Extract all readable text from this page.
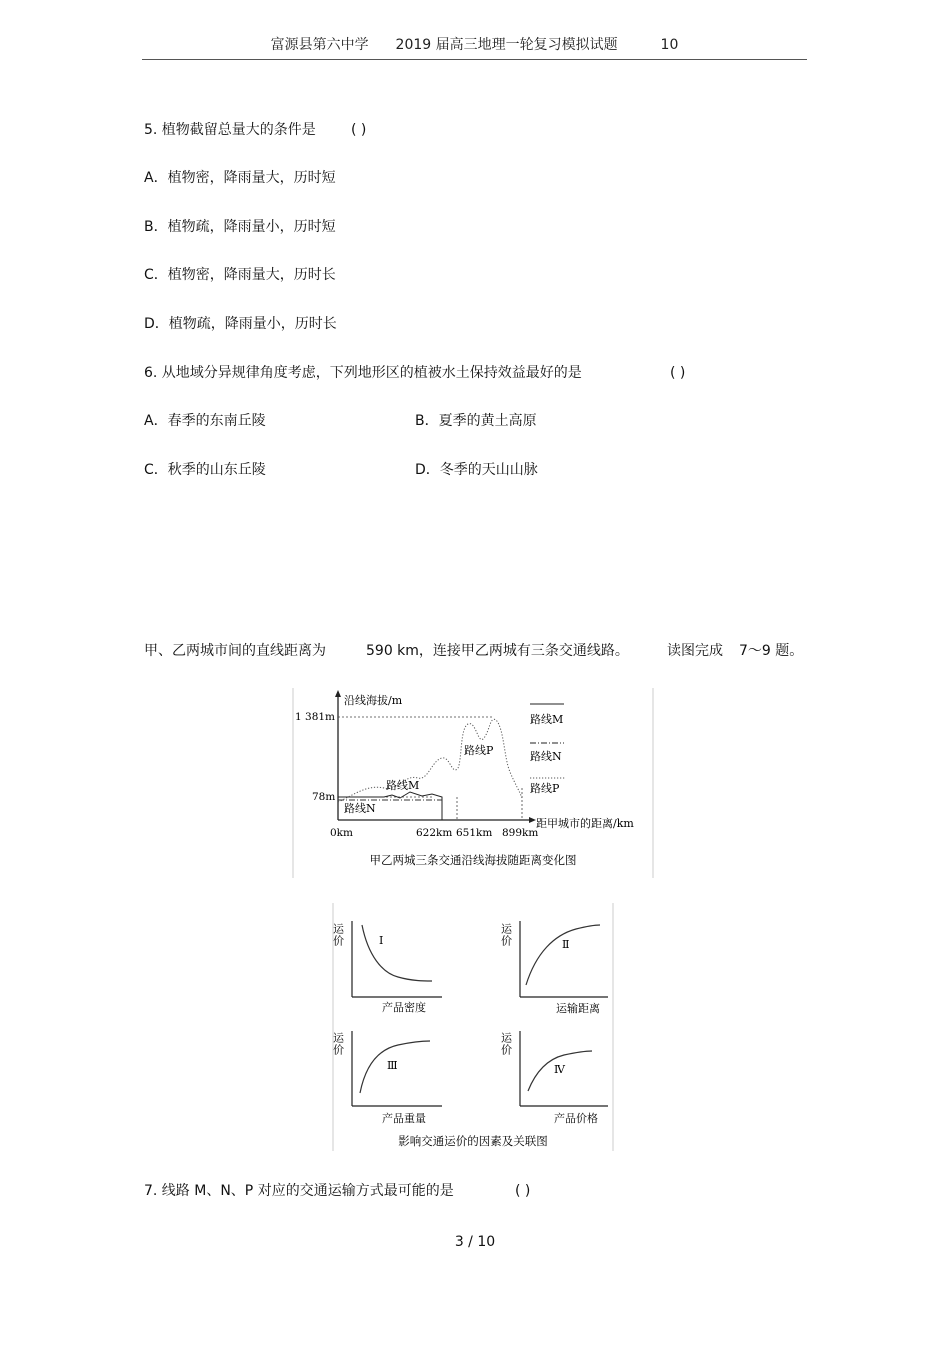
富源县第六中学 2019 届高三地理一轮复习模拟试题	10
5. 植物截留总量大的条件是	( )
A．植物密，降雨量大，历时短
B．植物疏，降雨量小，历时短
C．植物密，降雨量大，历时长
D．植物疏，降雨量小，历时长
6. 从地域分异规律角度考虑，下列地形区的植被水土保持效益最好的是	( )
A．春季的东南丘陵	B．夏季的黄土高原
C．秋季的山东丘陵	D．冬季的天山山脉
甲、乙两城市间的直线距离为	590 km，连接甲乙两城有三条交通线路。	读图完成 7～9 题。
沿线海拔/m
距甲城市的距离/km
1 381m
78m
路线M
路线N
路线P
0km	622km 651km 899km
路线M
路线N
路线P
甲乙两城三条交通沿线海拔随距离变化图
运价	Ⅰ
产品密度
运价	Ⅱ
运输距离
运价
Ⅲ
产品重量
运价
Ⅳ
产品价格
影响交通运价的因素及关联图
7. 线路 M、N、P 对应的交通运输方式最可能的是	( )
3 / 10
